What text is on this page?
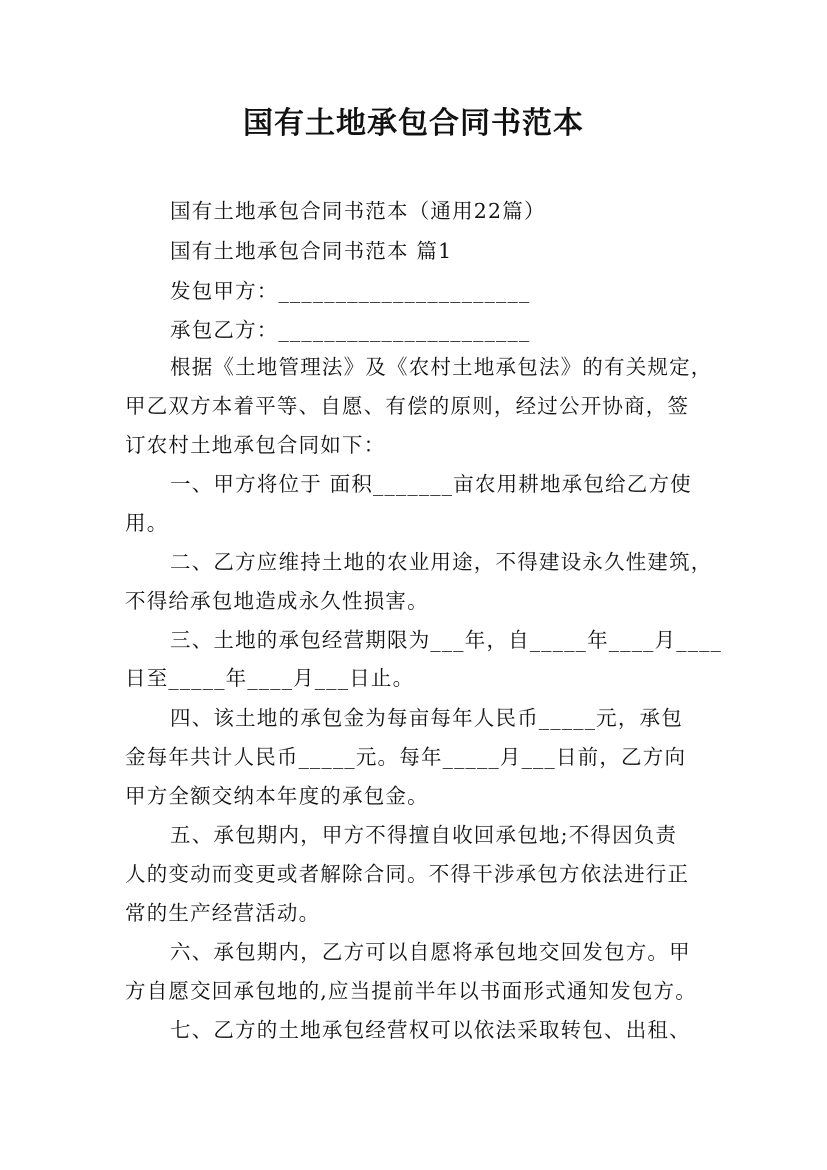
国有土地承包合同书范本
国有土地承包合同书范本（通用22篇）
国有土地承包合同书范本 篇1
发包甲方：______________________
承包乙方：______________________
根据《土地管理法》及《农村土地承包法》的有关规定，
甲乙双方本着平等、自愿、有偿的原则，经过公开协商，签
订农村土地承包合同如下：
一、甲方将位于 面积_______亩农用耕地承包给乙方使
用。
二、乙方应维持土地的农业用途，不得建设永久性建筑，
不得给承包地造成永久性损害。
三、土地的承包经营期限为___年，自_____年____月____
日至_____年____月___日止。
四、该土地的承包金为每亩每年人民币_____元，承包
金每年共计人民币_____元。每年_____月___日前，乙方向
甲方全额交纳本年度的承包金。
五、承包期内，甲方不得擅自收回承包地;不得因负责
人的变动而变更或者解除合同。不得干涉承包方依法进行正
常的生产经营活动。
六、承包期内，乙方可以自愿将承包地交回发包方。甲
方自愿交回承包地的,应当提前半年以书面形式通知发包方。
七、乙方的土地承包经营权可以依法采取转包、出租、
